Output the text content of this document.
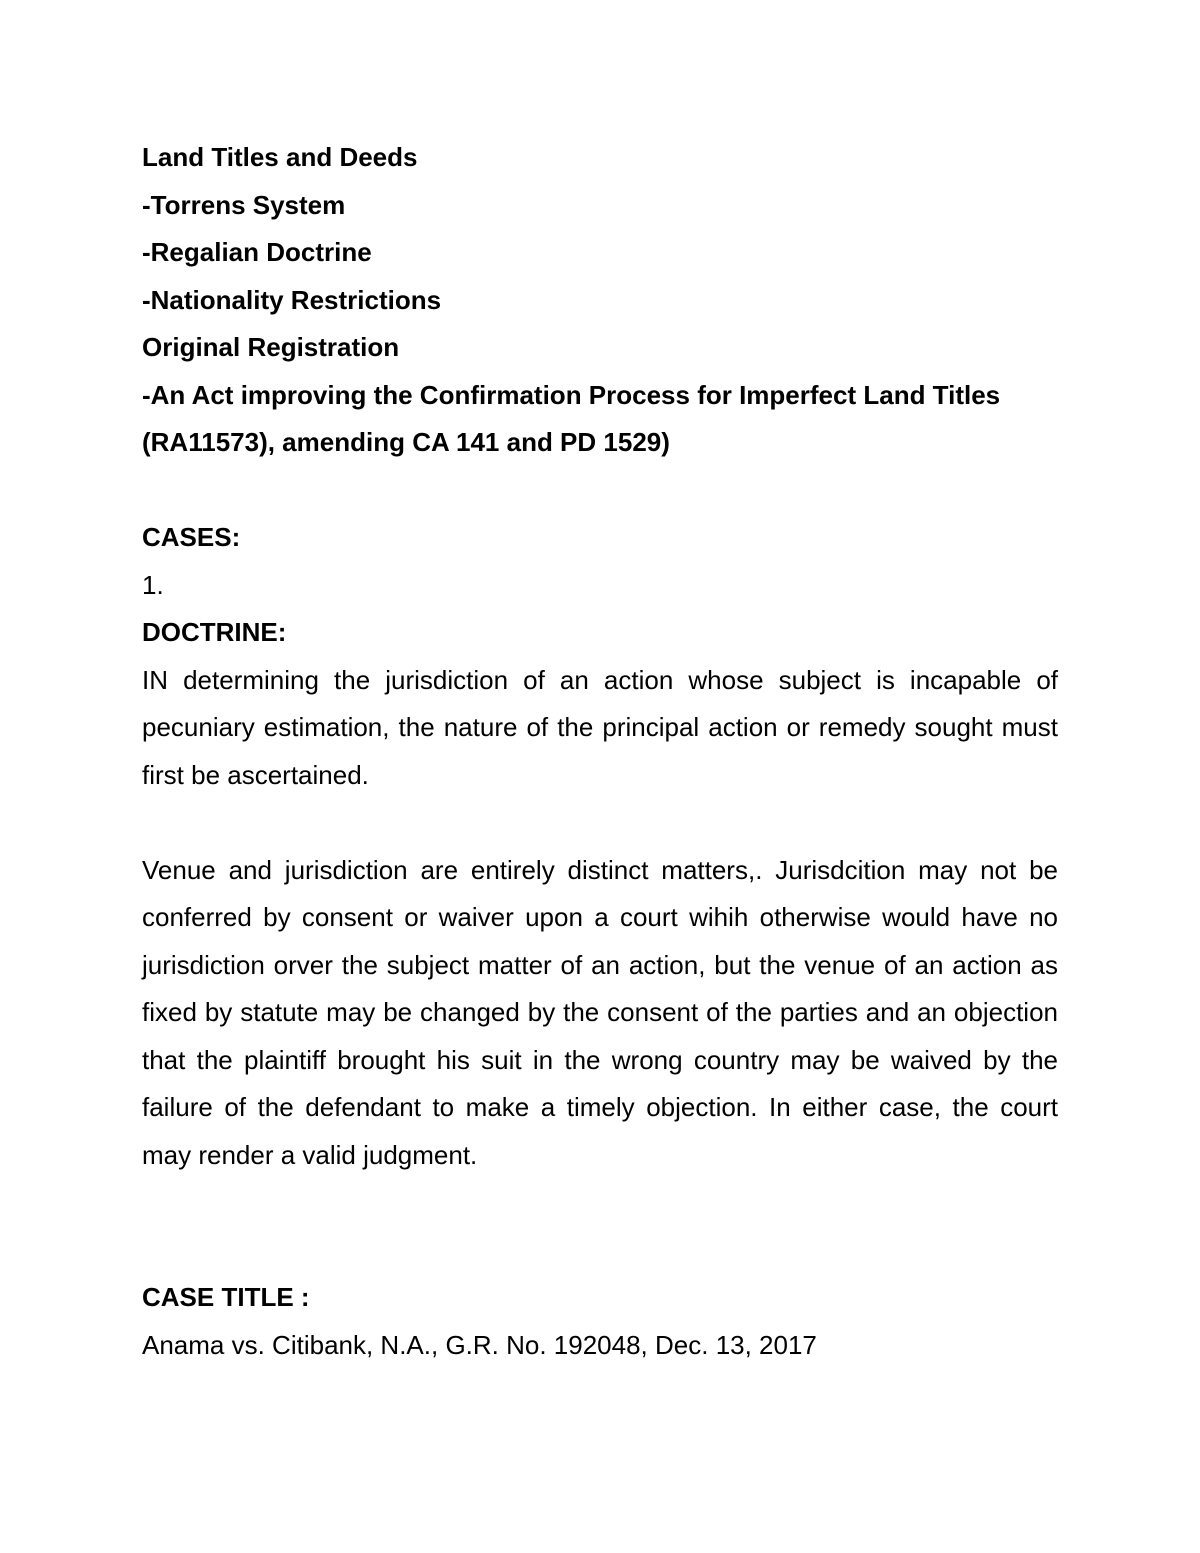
Land Titles and Deeds
-Torrens System
-Regalian Doctrine
-Nationality Restrictions
Original Registration
-An Act improving the Confirmation Process for Imperfect Land Titles
(RA11573), amending CA 141 and PD 1529)
CASES:
1.
DOCTRINE:
IN determining the jurisdiction of an action whose subject is incapable of pecuniary estimation, the nature of the principal action or remedy sought must first be ascertained.
Venue and jurisdiction are entirely distinct matters,. Jurisdcition may not be conferred by consent or waiver upon a court wihih otherwise would have no jurisdiction orver the subject matter of an action, but the venue of an action as fixed by statute may be changed by the consent of the parties and an objection that the plaintiff brought his suit in the wrong country may be waived by the failure of the defendant to make a timely objection. In either case, the court may render a valid judgment.
CASE TITLE :
Anama vs. Citibank, N.A., G.R. No. 192048, Dec. 13, 2017
